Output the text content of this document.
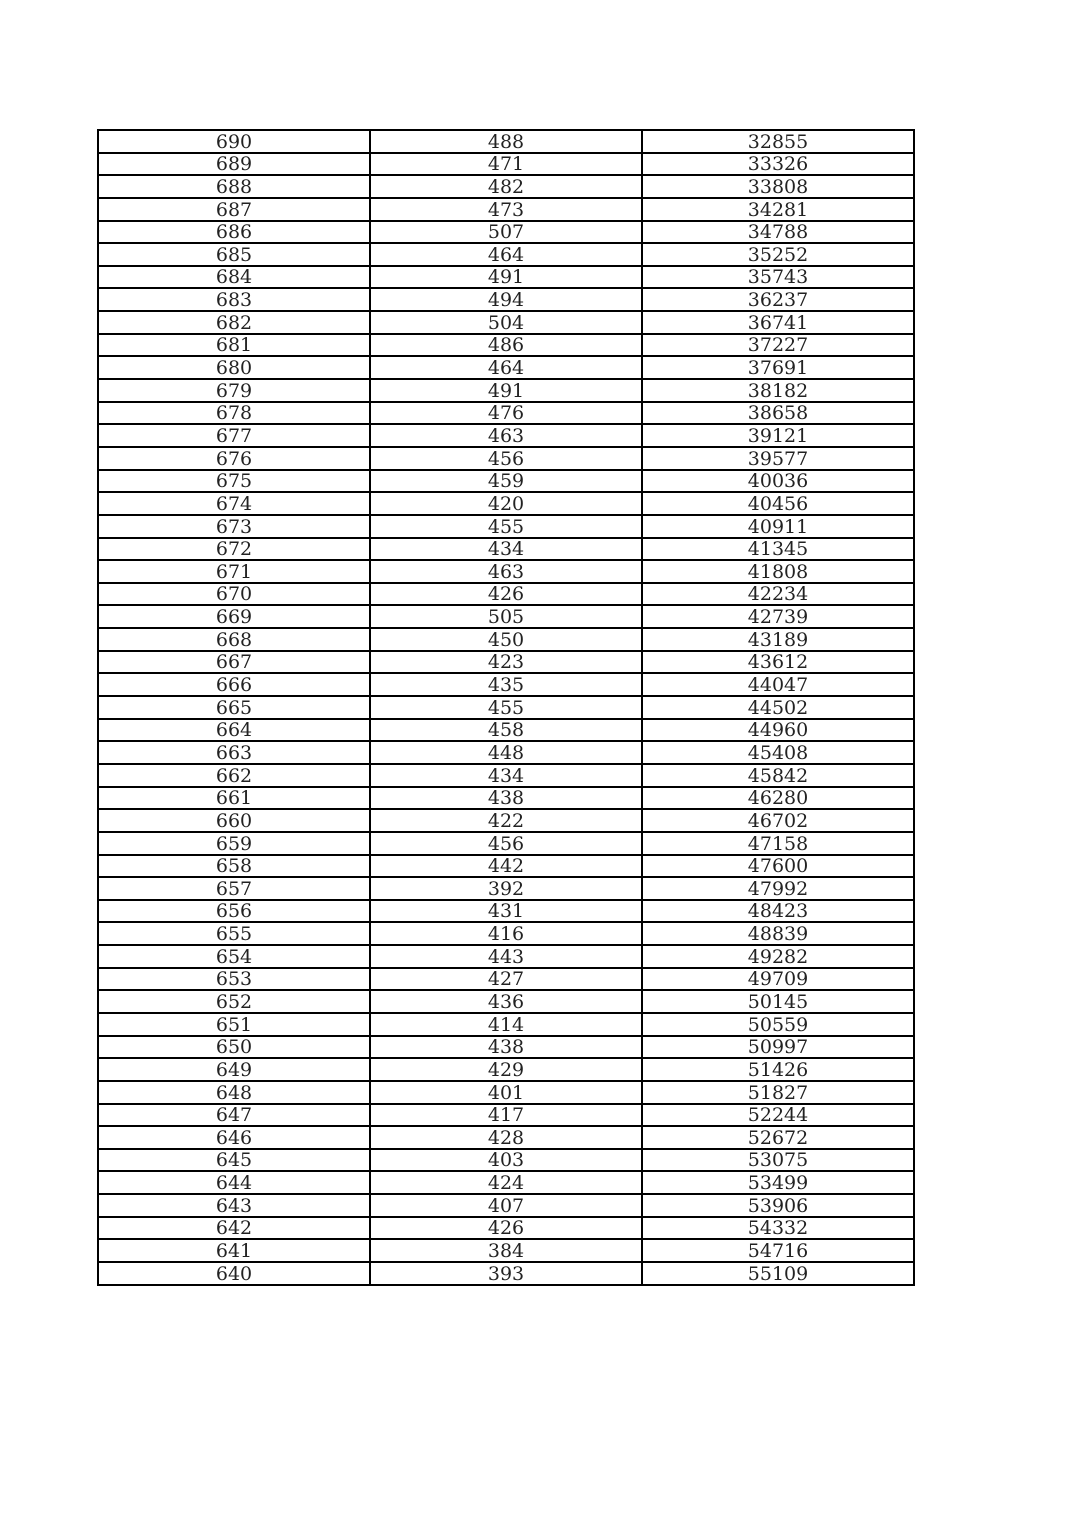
690	488	32855
689	471	33326
688	482	33808
687	473	34281
686	507	34788
685	464	35252
684	491	35743
683	494	36237
682	504	36741
681	486	37227
680	464	37691
679	491	38182
678	476	38658
677	463	39121
676	456	39577
675	459	40036
674	420	40456
673	455	40911
672	434	41345
671	463	41808
670	426	42234
669	505	42739
668	450	43189
667	423	43612
666	435	44047
665	455	44502
664	458	44960
663	448	45408
662	434	45842
661	438	46280
660	422	46702
659	456	47158
658	442	47600
657	392	47992
656	431	48423
655	416	48839
654	443	49282
653	427	49709
652	436	50145
651	414	50559
650	438	50997
649	429	51426
648	401	51827
647	417	52244
646	428	52672
645	403	53075
644	424	53499
643	407	53906
642	426	54332
641	384	54716
640	393	55109
